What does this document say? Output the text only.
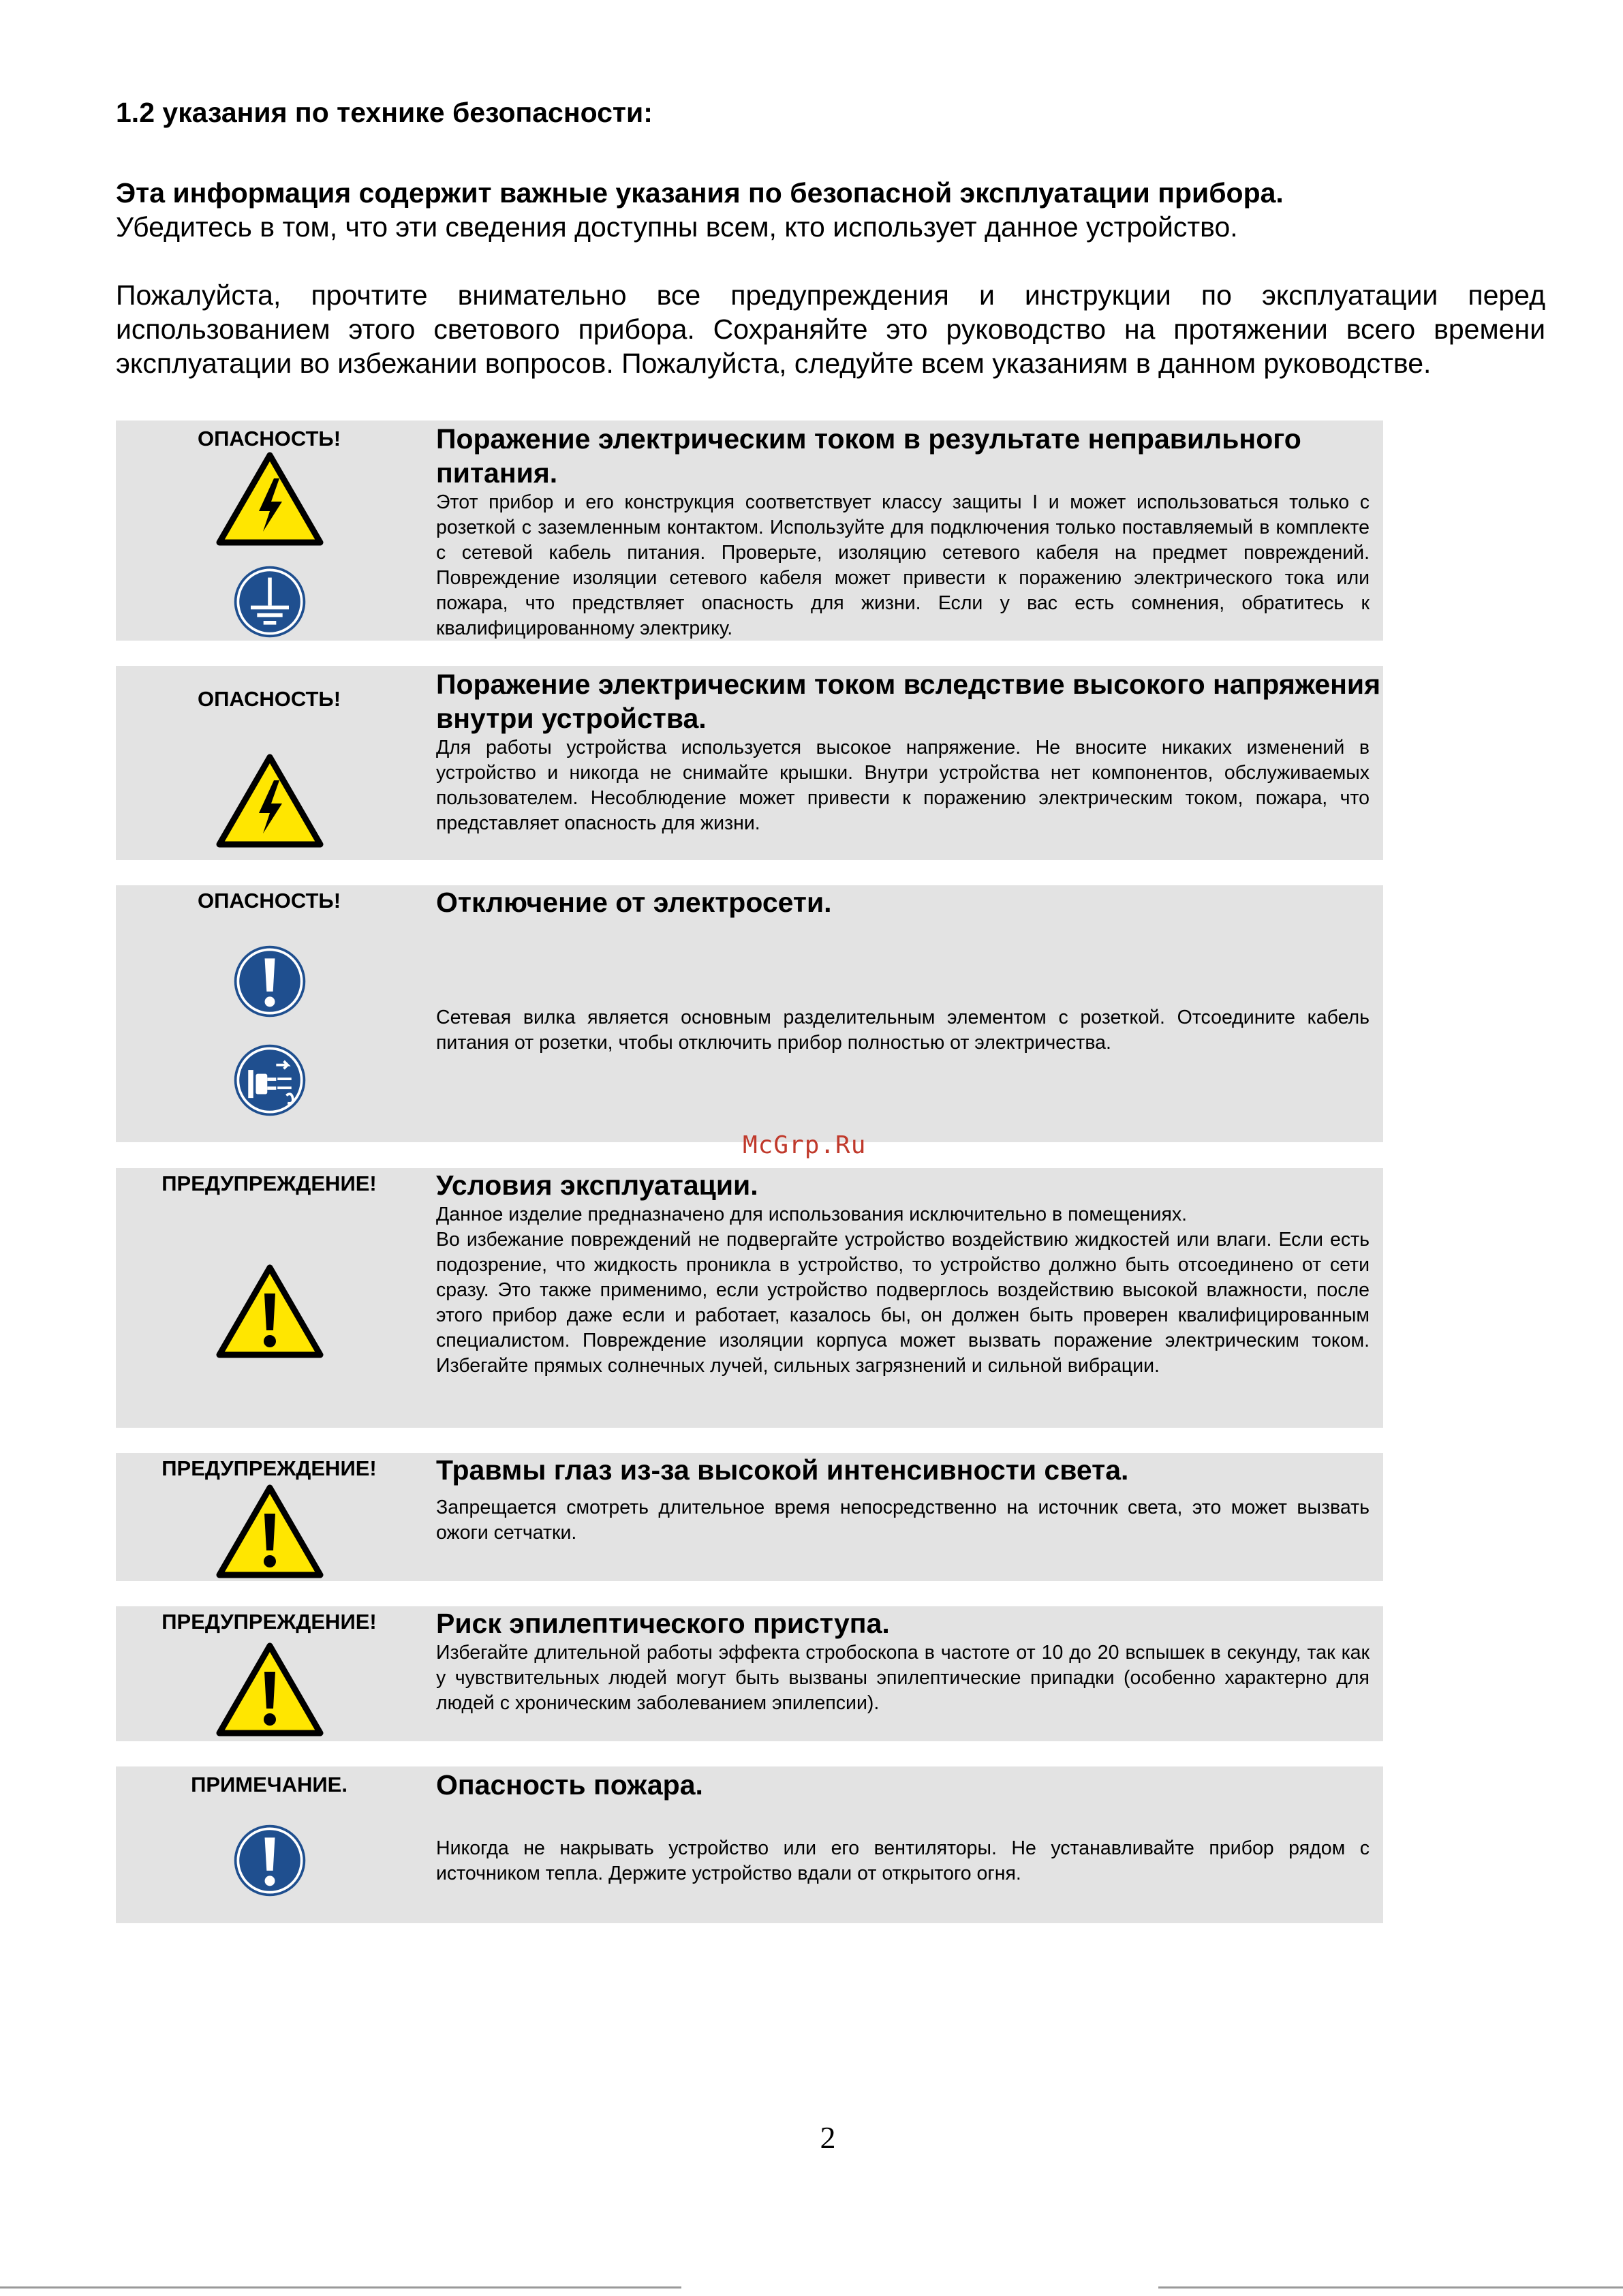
1.2 указания по технике безопасности:

Эта информация содержит важные указания по безопасной эксплуатации прибора.

Убедитесь в том, что эти сведения доступны всем, кто использует данное устройство.

Пожалуйста, прочтите внимательно все предупреждения и инструкции по эксплуатации перед использованием этого светового прибора. Сохраняйте это руководство на протяжении всего времени эксплуатации во избежании вопросов. Пожалуйста, следуйте всем указаниям в данном руководстве.

ОПАСНОСТЬ!	Поражение электрическим током в результате неправильного питания.

Этот прибор и его конструкция соответствует классу защиты I и может использоваться только с розеткой с заземленным контактом. Используйте для подключения только поставляемый в комплекте с сетевой кабель питания. Проверьте, изоляцию сетевого кабеля на предмет повреждений. Повреждение изоляции сетевого кабеля может привести к поражению электрического тока или пожара, что предствляет опасность для жизни. Если у вас есть сомнения, обратитесь к квалифицированному электрику.

ОПАСНОСТЬ!	Поражение электрическим током вследствие высокого напряжения внутри устройства.

Для работы устройства используется высокое напряжение. Не вносите никаких изменений в устройство и никогда не снимайте крышки. Внутри устройства нет компонентов, обслуживаемых пользователем. Несоблюдение может привести к поражению электрическим током, пожара, что представляет опасность для жизни.

ОПАСНОСТЬ!	Отключение от электросети.

Сетевая вилка является основным разделительным элементом с розеткой. Отсоедините кабель питания от розетки, чтобы отключить прибор полностью от электричества.

ПРЕДУПРЕЖДЕНИЕ!	Условия эксплуатации.

Данное изделие предназначено для использования исключительно в помещениях.
Во избежание повреждений не подвергайте устройство воздействию жидкостей или влаги. Если есть подозрение, что жидкость проникла в устройство, то устройство должно быть отсоединено от сети сразу. Это также применимо, если устройство подверглось воздействию высокой влажности, после этого прибор даже если и работает, казалось бы, он должен быть проверен квалифицированным специалистом. Повреждение изоляции корпуса может вызвать поражение электрическим током. Избегайте прямых солнечных лучей, сильных загрязнений и сильной вибрации.

ПРЕДУПРЕЖДЕНИЕ!	Травмы глаз из-за высокой интенсивности света.

Запрещается смотреть длительное время непосредственно на источник света, это может вызвать ожоги сетчатки.

ПРЕДУПРЕЖДЕНИЕ!	Риск эпилептического приступа.

Избегайте длительной работы эффекта стробоскопа в частоте от 10 до 20 вспышек в секунду, так как у чувствительных людей могут быть вызваны эпилептические припадки (особенно характерно для людей с хроническим заболеванием эпилепсии).

ПРИМЕЧАНИЕ.	Опасность пожара.

Никогда не накрывать устройство или его вентиляторы. Не устанавливайте прибор рядом с источником тепла. Держите устройство вдали от открытого огня.

McGrp.Ru
2
